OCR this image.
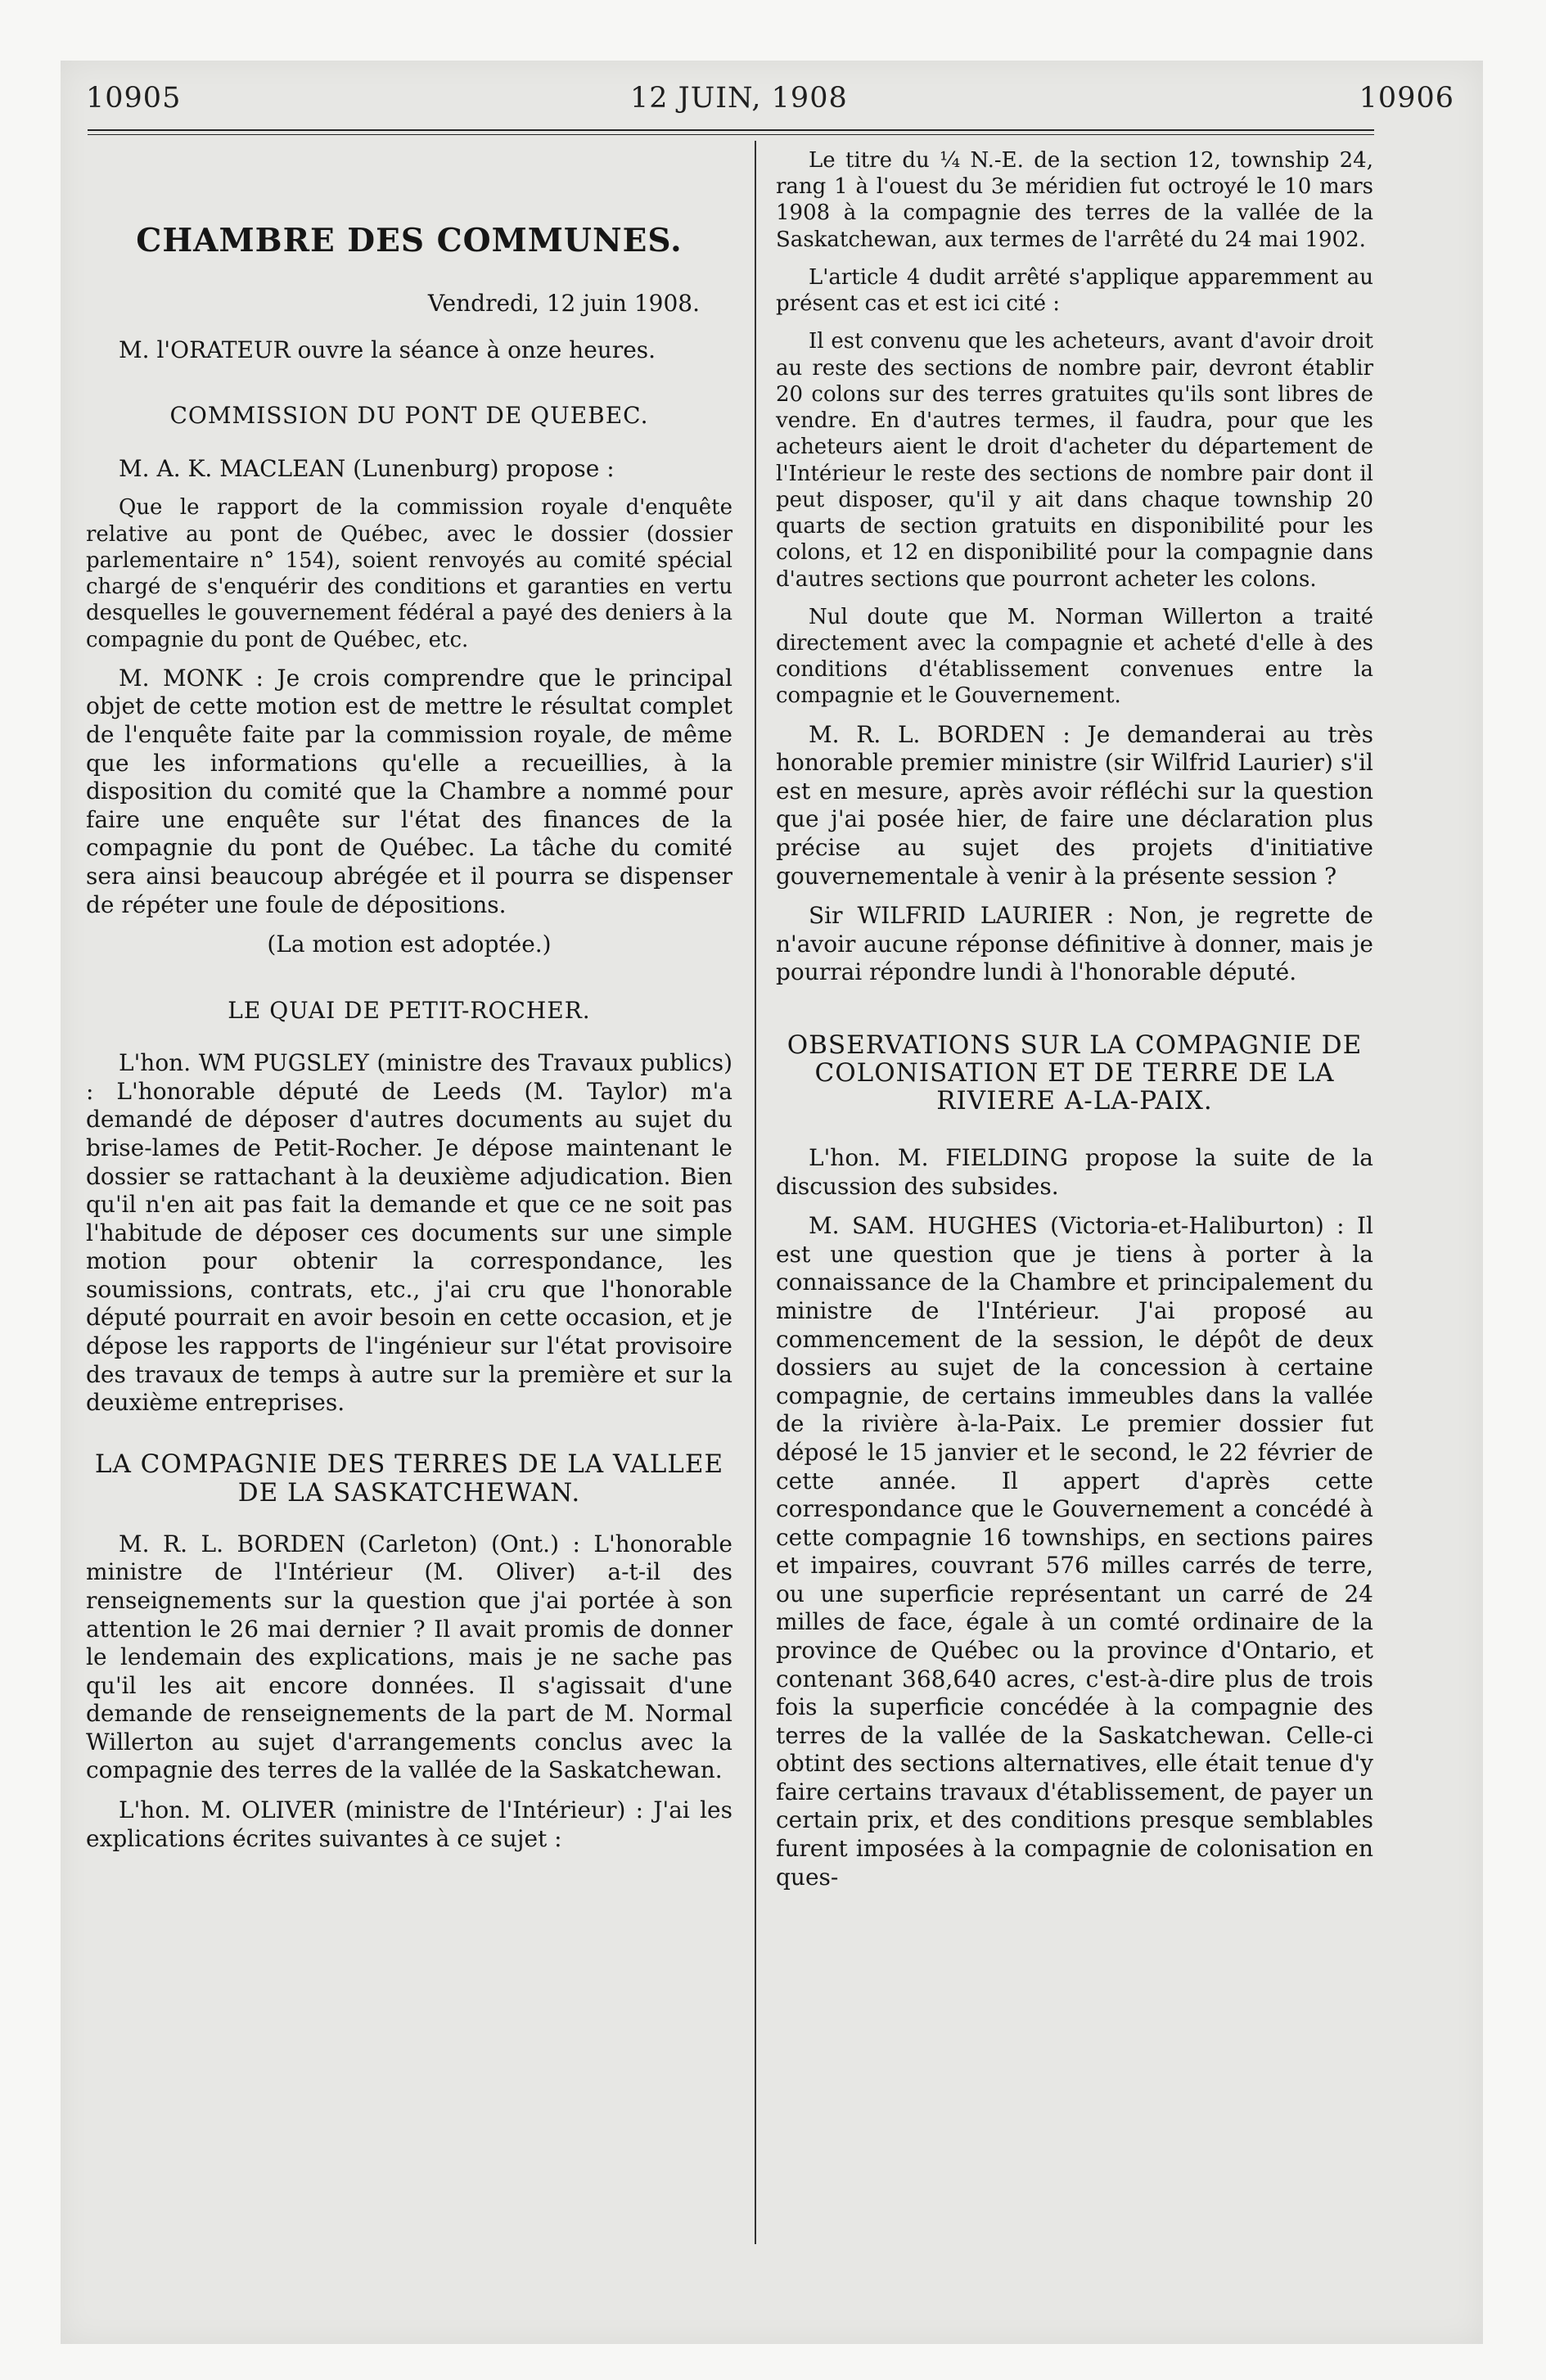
10905	12 JUIN, 1908	10906
CHAMBRE DES COMMUNES.

Vendredi, 12 juin 1908.

M. l'ORATEUR ouvre la séance à onze heures.

COMMISSION DU PONT DE QUEBEC.

M. A. K. MACLEAN (Lunenburg) propose :

Que le rapport de la commission royale d'enquête relative au pont de Québec, avec le dossier (dossier parlementaire n° 154), soient renvoyés au comité spécial chargé de s'enquérir des conditions et garanties en vertu desquelles le gouvernement fédéral a payé des deniers à la compagnie du pont de Québec, etc.

M. MONK : Je crois comprendre que le principal objet de cette motion est de mettre le résultat complet de l'enquête faite par la commission royale, de même que les informations qu'elle a recueillies, à la disposition du comité que la Chambre a nommé pour faire une enquête sur l'état des finances de la compagnie du pont de Québec. La tâche du comité sera ainsi beaucoup abrégée et il pourra se dispenser de répéter une foule de dépositions.

(La motion est adoptée.)

LE QUAI DE PETIT-ROCHER.

L'hon. WM PUGSLEY (ministre des Travaux publics) : L'honorable député de Leeds (M. Taylor) m'a demandé de déposer d'autres documents au sujet du brise-lames de Petit-Rocher. Je dépose maintenant le dossier se rattachant à la deuxième adjudication. Bien qu'il n'en ait pas fait la demande et que ce ne soit pas l'habitude de déposer ces documents sur une simple motion pour obtenir la correspondance, les soumissions, contrats, etc., j'ai cru que l'honorable député pourrait en avoir besoin en cette occasion, et je dépose les rapports de l'ingénieur sur l'état provisoire des travaux de temps à autre sur la première et sur la deuxième entreprises.

LA COMPAGNIE DES TERRES DE LA VALLEE DE LA SASKATCHEWAN.

M. R. L. BORDEN (Carleton) (Ont.) : L'honorable ministre de l'Intérieur (M. Oliver) a-t-il des renseignements sur la question que j'ai portée à son attention le 26 mai dernier ? Il avait promis de donner le lendemain des explications, mais je ne sache pas qu'il les ait encore données. Il s'agissait d'une demande de renseignements de la part de M. Normal Willerton au sujet d'arrangements conclus avec la compagnie des terres de la vallée de la Saskatchewan.

L'hon. M. OLIVER (ministre de l'Intérieur) : J'ai les explications écrites suivantes à ce sujet :

Le titre du ¼ N.-E. de la section 12, township 24, rang 1 à l'ouest du 3e méridien fut octroyé le 10 mars 1908 à la compagnie des terres de la vallée de la Saskatchewan, aux termes de l'arrêté du 24 mai 1902.

L'article 4 dudit arrêté s'applique apparemment au présent cas et est ici cité :

Il est convenu que les acheteurs, avant d'avoir droit au reste des sections de nombre pair, devront établir 20 colons sur des terres gratuites qu'ils sont libres de vendre. En d'autres termes, il faudra, pour que les acheteurs aient le droit d'acheter du département de l'Intérieur le reste des sections de nombre pair dont il peut disposer, qu'il y ait dans chaque township 20 quarts de section gratuits en disponibilité pour les colons, et 12 en disponibilité pour la compagnie dans d'autres sections que pourront acheter les colons.

Nul doute que M. Norman Willerton a traité directement avec la compagnie et acheté d'elle à des conditions d'établissement convenues entre la compagnie et le Gouvernement.

M. R. L. BORDEN : Je demanderai au très honorable premier ministre (sir Wilfrid Laurier) s'il est en mesure, après avoir réfléchi sur la question que j'ai posée hier, de faire une déclaration plus précise au sujet des projets d'initiative gouvernementale à venir à la présente session ?

Sir WILFRID LAURIER : Non, je regrette de n'avoir aucune réponse définitive à donner, mais je pourrai répondre lundi à l'honorable député.

OBSERVATIONS SUR LA COMPAGNIE DE COLONISATION ET DE TERRE DE LA RIVIERE A-LA-PAIX.

L'hon. M. FIELDING propose la suite de la discussion des subsides.

M. SAM. HUGHES (Victoria-et-Haliburton) : Il est une question que je tiens à porter à la connaissance de la Chambre et principalement du ministre de l'Intérieur. J'ai proposé au commencement de la session, le dépôt de deux dossiers au sujet de la concession à certaine compagnie, de certains immeubles dans la vallée de la rivière à-la-Paix. Le premier dossier fut déposé le 15 janvier et le second, le 22 février de cette année. Il appert d'après cette correspondance que le Gouvernement a concédé à cette compagnie 16 townships, en sections paires et impaires, couvrant 576 milles carrés de terre, ou une superficie représentant un carré de 24 milles de face, égale à un comté ordinaire de la province de Québec ou la province d'Ontario, et contenant 368,640 acres, c'est-à-dire plus de trois fois la superficie concédée à la compagnie des terres de la vallée de la Saskatchewan. Celle-ci obtint des sections alternatives, elle était tenue d'y faire certains travaux d'établissement, de payer un certain prix, et des conditions presque semblables furent imposées à la compagnie de colonisation en ques-
